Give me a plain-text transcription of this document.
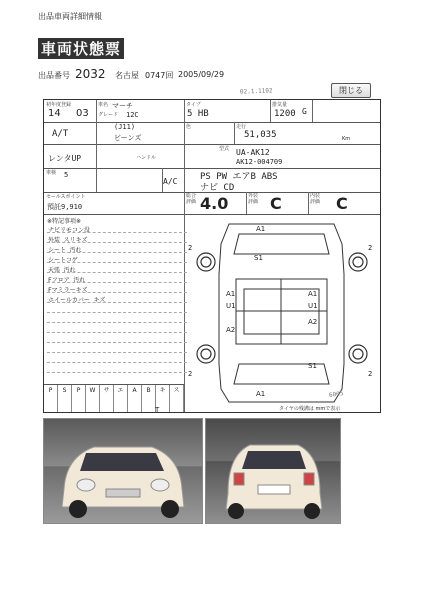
出品車両詳細情報
車両状態票
出品番号 2032 名古屋 0747回 2005/09/29
02.1.1102	閉じる
初年度登録
14 03
車名 マーチ
グレード 12C
タイプ
5 HB
排気量
1200 G
A/T
(J11)
ビーンズ
色	走行
51,035	Km
レンタUP	ハンドル
型式 UA-AK12
AK12-004709
車検 5
A/C	PS PW エアB ABS
ナビ CD
セールスポイント
預託9,910
総合評価 4.0	外装評価 C	内装評価 C
※特記事項※
ナビリモコン没
外装 スリキズ
シート 汚れ
シートコゲ
天張 汚れ
Fフロア 汚れ
Fマミラーキズ
ホイールカバー キズ
P	S	P	W	サ	エ	A	B	キ	ス
A1
S1
A1
U1
A1
U1
A2
A2
S1
A1
2	2
2	2
タイヤの残溝は mmで表示
T
6005
